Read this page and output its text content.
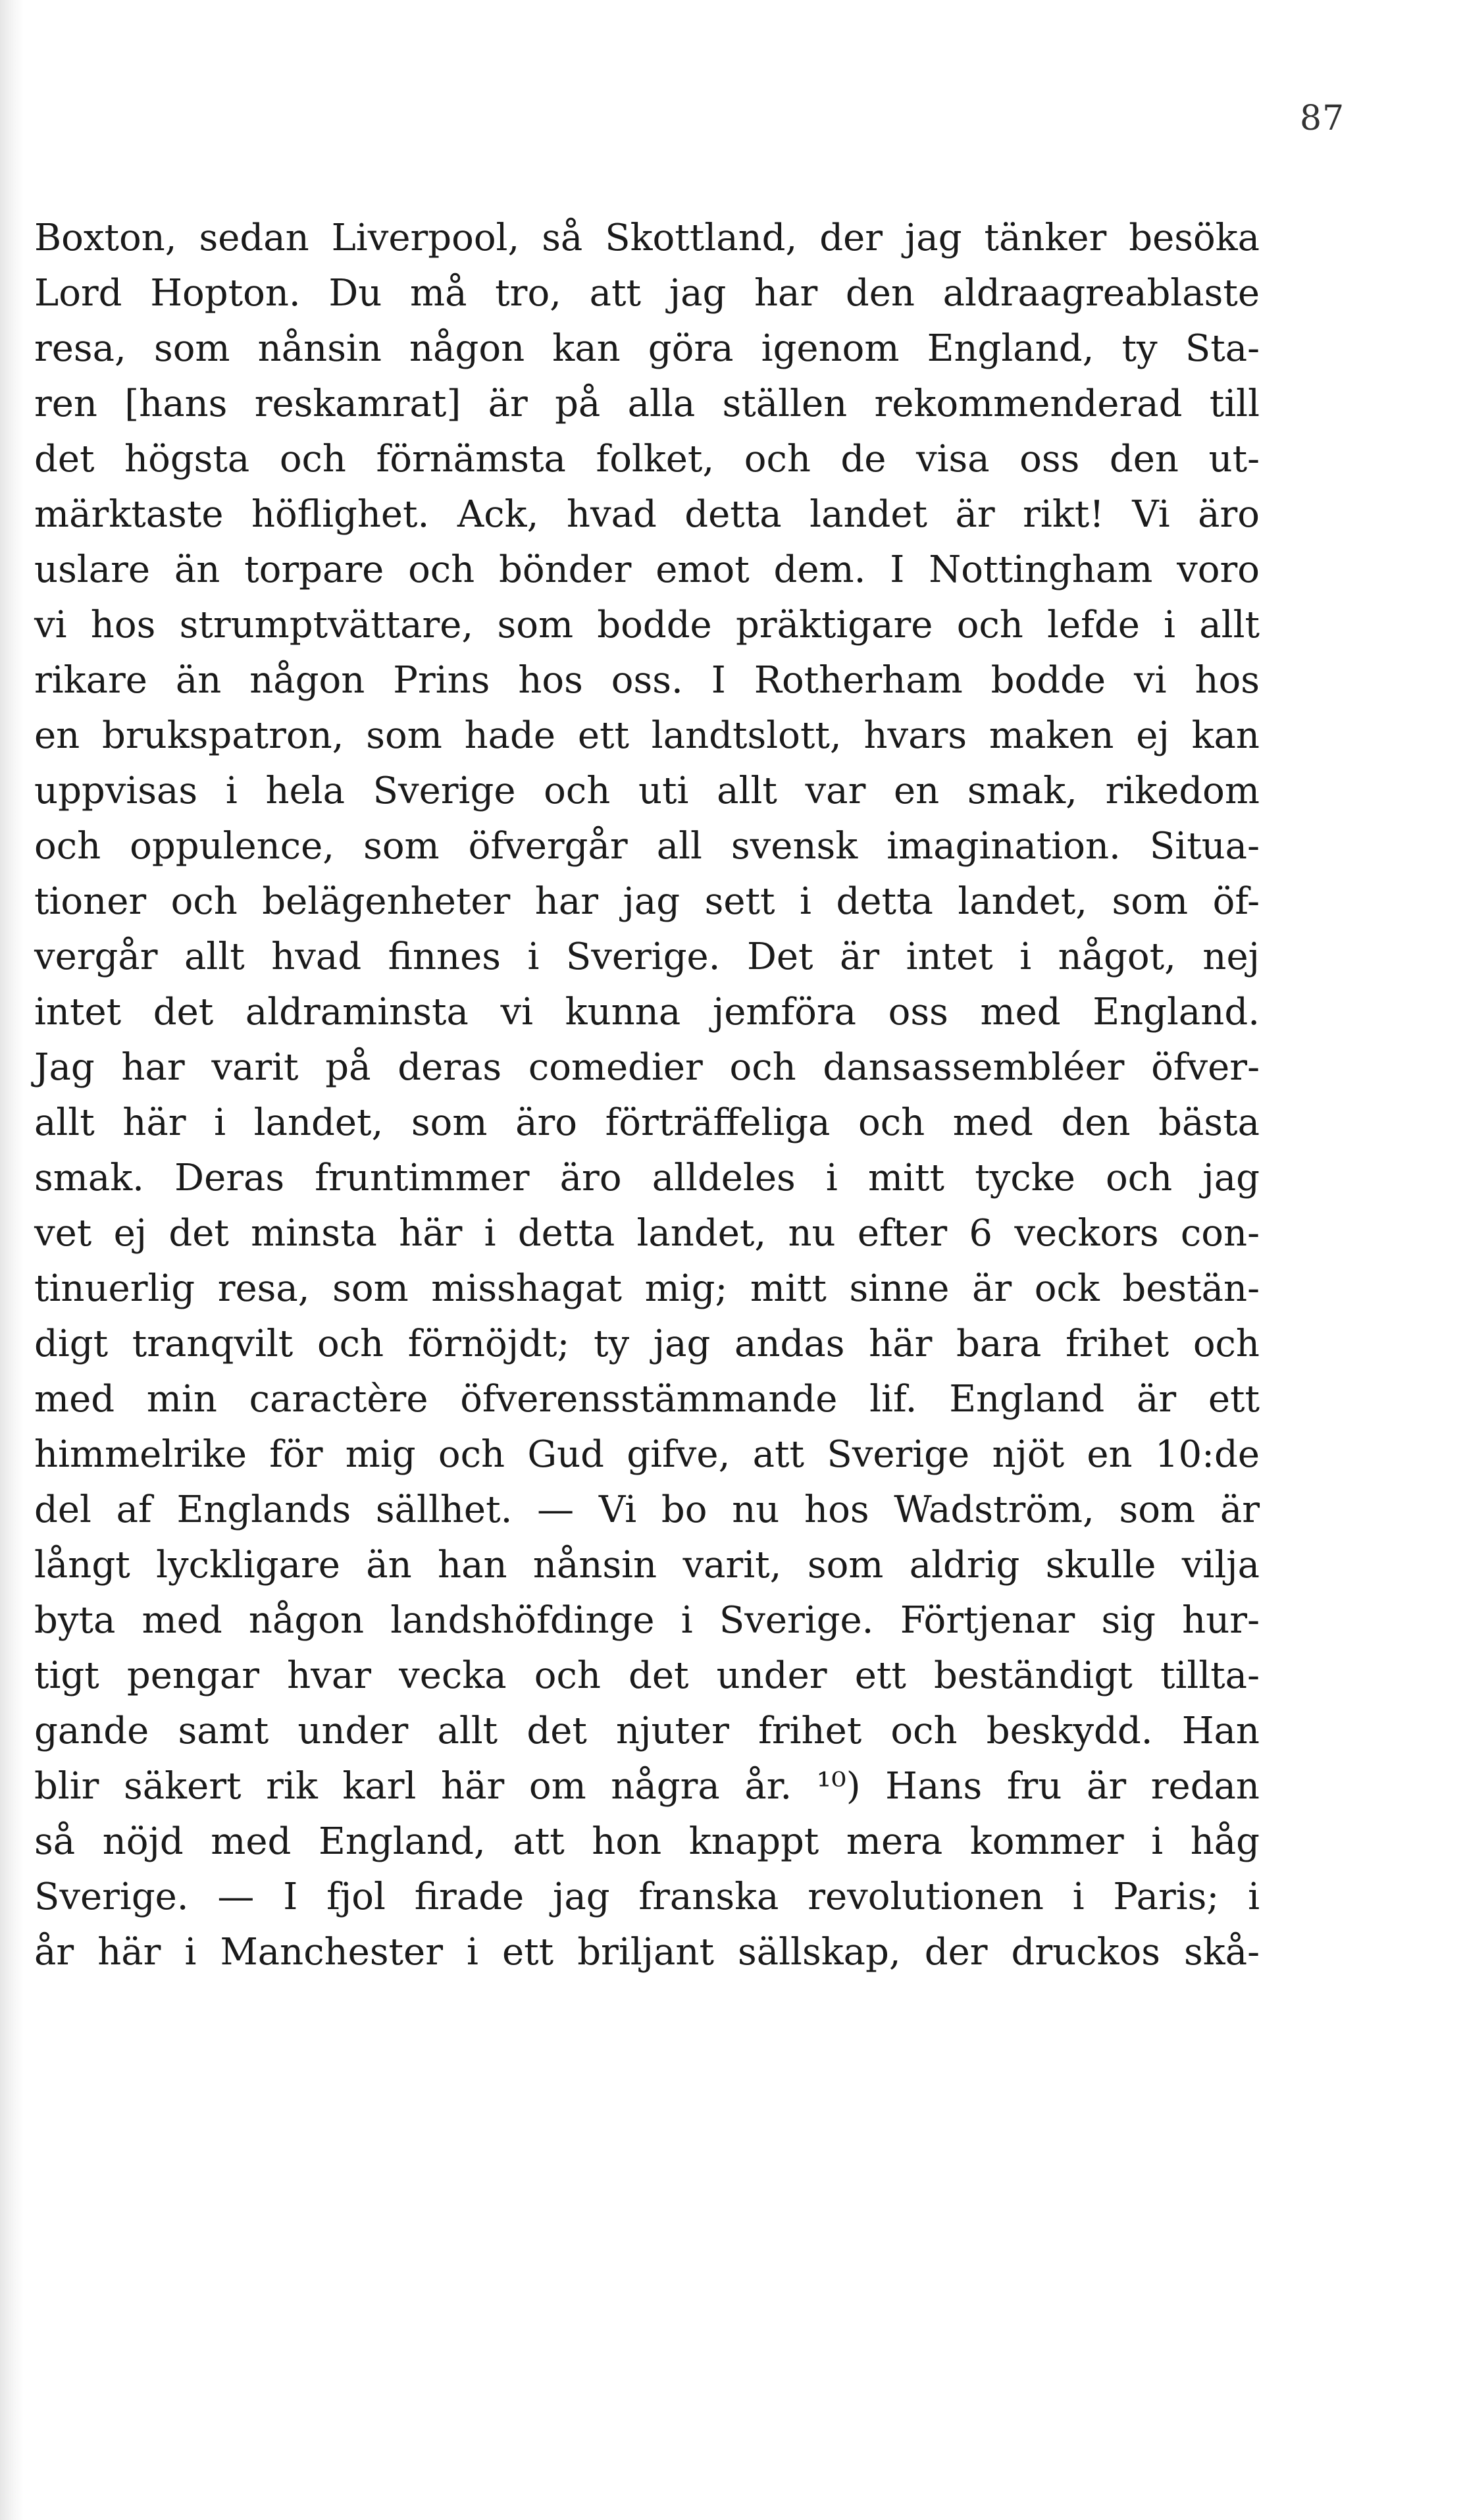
87
Boxton, sedan Liverpool, så Skottland, der jag tänker besöka
Lord Hopton. Du må tro, att jag har den aldraagreablaste
resa, som nånsin någon kan göra igenom England, ty Sta-
ren [hans reskamrat] är på alla ställen rekommenderad till
det högsta och förnämsta folket, och de visa oss den ut-
märktaste höflighet. Ack, hvad detta landet är rikt! Vi äro
uslare än torpare och bönder emot dem. I Nottingham voro
vi hos strumptvättare, som bodde präktigare och lefde i allt
rikare än någon Prins hos oss. I Rotherham bodde vi hos
en brukspatron, som hade ett landtslott, hvars maken ej kan
uppvisas i hela Sverige och uti allt var en smak, rikedom
och oppulence, som öfvergår all svensk imagination. Situa-
tioner och belägenheter har jag sett i detta landet, som öf-
vergår allt hvad finnes i Sverige. Det är intet i något, nej
intet det aldraminsta vi kunna jemföra oss med England.
Jag har varit på deras comedier och dansassembléer öfver-
allt här i landet, som äro förträffeliga och med den bästa
smak. Deras fruntimmer äro alldeles i mitt tycke och jag
vet ej det minsta här i detta landet, nu efter 6 veckors con-
tinuerlig resa, som misshagat mig; mitt sinne är ock bestän-
digt tranqvilt och förnöjdt; ty jag andas här bara frihet och
med min caractère öfverensstämmande lif. England är ett
himmelrike för mig och Gud gifve, att Sverige njöt en 10:de
del af Englands sällhet. — Vi bo nu hos Wadström, som är
långt lyckligare än han nånsin varit, som aldrig skulle vilja
byta med någon landshöfdinge i Sverige. Förtjenar sig hur-
tigt pengar hvar vecka och det under ett beständigt tillta-
gande samt under allt det njuter frihet och beskydd. Han
blir säkert rik karl här om några år. ¹⁰) Hans fru är redan
så nöjd med England, att hon knappt mera kommer i håg
Sverige. — I fjol firade jag franska revolutionen i Paris; i
år här i Manchester i ett briljant sällskap, der druckos skå-
